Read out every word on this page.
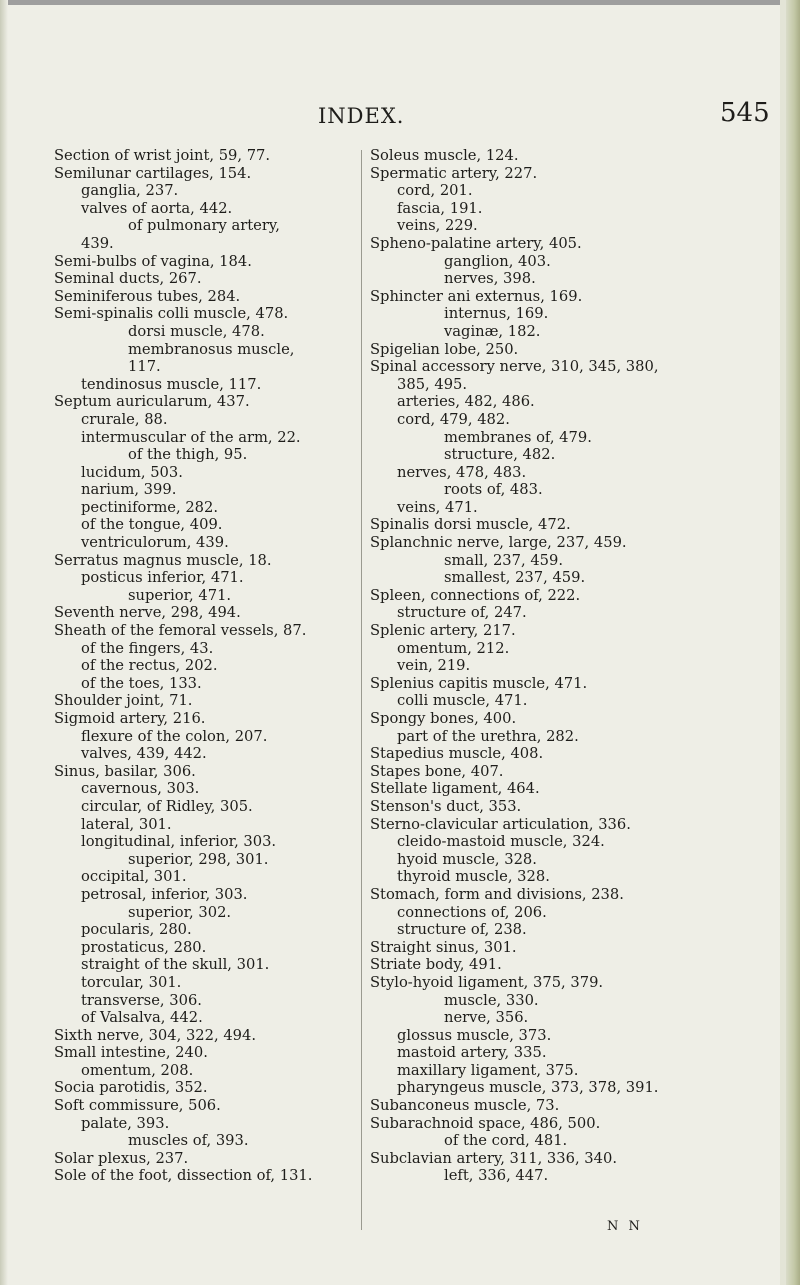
INDEX.	545
Section of wrist joint, 59, 77.
Semilunar cartilages, 154.
ganglia, 237.
valves of aorta, 442.
of pulmonary artery,
439.
Semi-bulbs of vagina, 184.
Seminal ducts, 267.
Seminiferous tubes, 284.
Semi-spinalis colli muscle, 478.
dorsi muscle, 478.
membranosus muscle,
117.
tendinosus muscle, 117.
Septum auricularum, 437.
crurale, 88.
intermuscular of the arm, 22.
of the thigh, 95.
lucidum, 503.
narium, 399.
pectiniforme, 282.
of the tongue, 409.
ventriculorum, 439.
Serratus magnus muscle, 18.
posticus inferior, 471.
superior, 471.
Seventh nerve, 298, 494.
Sheath of the femoral vessels, 87.
of the fingers, 43.
of the rectus, 202.
of the toes, 133.
Shoulder joint, 71.
Sigmoid artery, 216.
flexure of the colon, 207.
valves, 439, 442.
Sinus, basilar, 306.
cavernous, 303.
circular, of Ridley, 305.
lateral, 301.
longitudinal, inferior, 303.
superior, 298, 301.
occipital, 301.
petrosal, inferior, 303.
superior, 302.
pocularis, 280.
prostaticus, 280.
straight of the skull, 301.
torcular, 301.
transverse, 306.
of Valsalva, 442.
Sixth nerve, 304, 322, 494.
Small intestine, 240.
omentum, 208.
Socia parotidis, 352.
Soft commissure, 506.
palate, 393.
muscles of, 393.
Solar plexus, 237.
Sole of the foot, dissection of, 131.
Soleus muscle, 124.
Spermatic artery, 227.
cord, 201.
fascia, 191.
veins, 229.
Spheno-palatine artery, 405.
ganglion, 403.
nerves, 398.
Sphincter ani externus, 169.
internus, 169.
vaginæ, 182.
Spigelian lobe, 250.
Spinal accessory nerve, 310, 345, 380,
385, 495.
arteries, 482, 486.
cord, 479, 482.
membranes of, 479.
structure, 482.
nerves, 478, 483.
roots of, 483.
veins, 471.
Spinalis dorsi muscle, 472.
Splanchnic nerve, large, 237, 459.
small, 237, 459.
smallest, 237, 459.
Spleen, connections of, 222.
structure of, 247.
Splenic artery, 217.
omentum, 212.
vein, 219.
Splenius capitis muscle, 471.
colli muscle, 471.
Spongy bones, 400.
part of the urethra, 282.
Stapedius muscle, 408.
Stapes bone, 407.
Stellate ligament, 464.
Stenson's duct, 353.
Sterno-clavicular articulation, 336.
cleido-mastoid muscle, 324.
hyoid muscle, 328.
thyroid muscle, 328.
Stomach, form and divisions, 238.
connections of, 206.
structure of, 238.
Straight sinus, 301.
Striate body, 491.
Stylo-hyoid ligament, 375, 379.
muscle, 330.
nerve, 356.
glossus muscle, 373.
mastoid artery, 335.
maxillary ligament, 375.
pharyngeus muscle, 373, 378, 391.
Subanconeus muscle, 73.
Subarachnoid space, 486, 500.
of the cord, 481.
Subclavian artery, 311, 336, 340.
left, 336, 447.
N N
